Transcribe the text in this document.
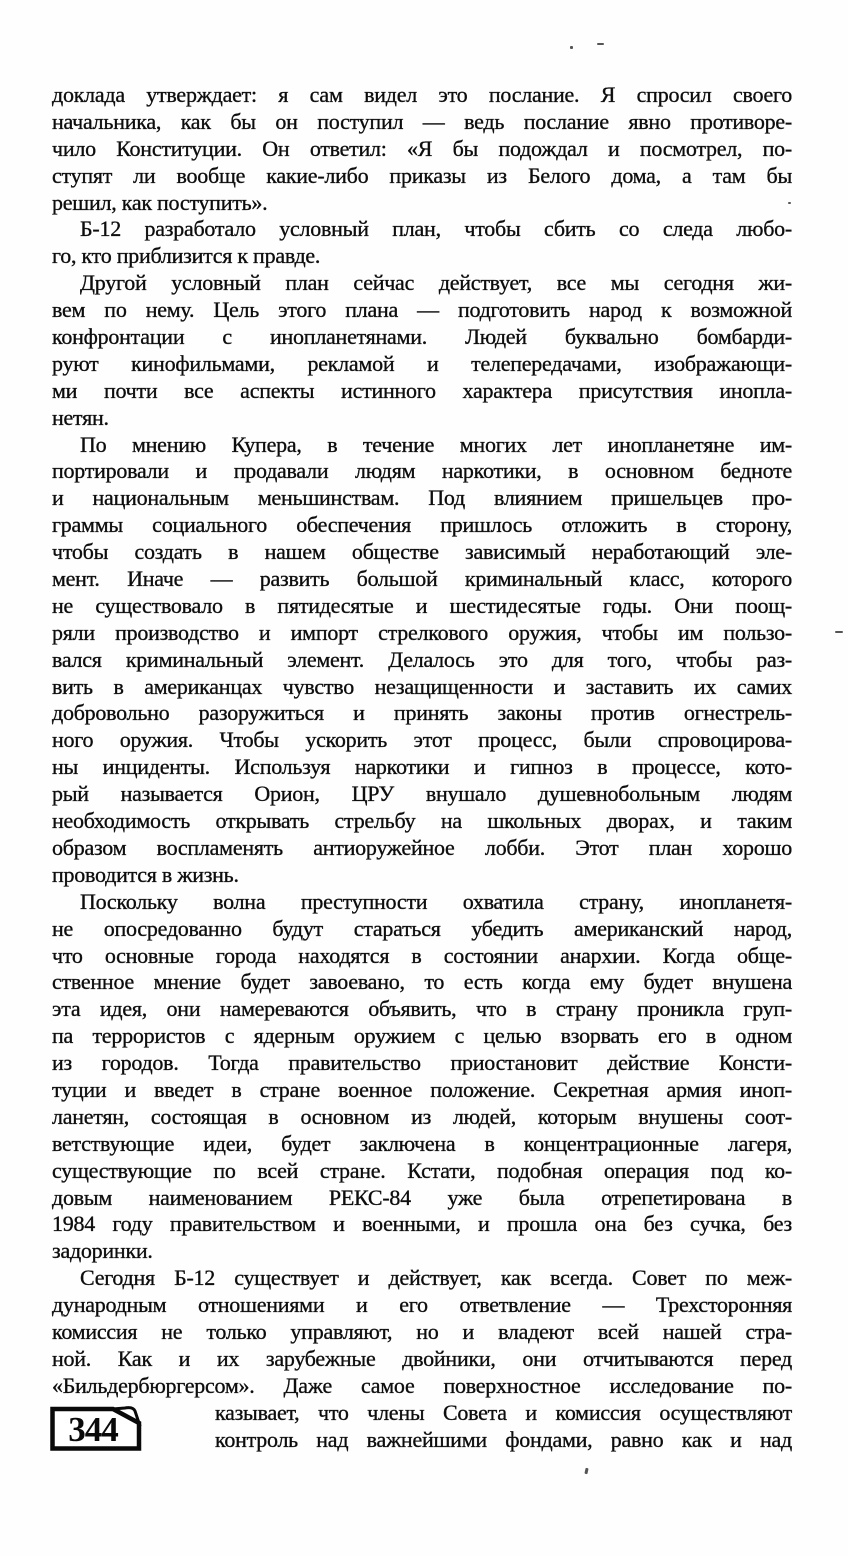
доклада утверждает: я сам видел это послание. Я спросил своего
начальника, как бы он поступил — ведь послание явно противоре-
чило Конституции. Он ответил: «Я бы подождал и посмотрел, по-
ступят ли вообще какие-либо приказы из Белого дома, а там бы
решил, как поступить».
Б-12 разработало условный план, чтобы сбить со следа любо-
го, кто приблизится к правде.
Другой условный план сейчас действует, все мы сегодня жи-
вем по нему. Цель этого плана — подготовить народ к возможной
конфронтации с инопланетянами. Людей буквально бомбарди-
руют кинофильмами, рекламой и телепередачами, изображающи-
ми почти все аспекты истинного характера присутствия инопла-
нетян.
По мнению Купера, в течение многих лет инопланетяне им-
портировали и продавали людям наркотики, в основном бедноте
и национальным меньшинствам. Под влиянием пришельцев про-
граммы социального обеспечения пришлось отложить в сторону,
чтобы создать в нашем обществе зависимый неработающий эле-
мент. Иначе — развить большой криминальный класс, которого
не существовало в пятидесятые и шестидесятые годы. Они поощ-
ряли производство и импорт стрелкового оружия, чтобы им пользо-
вался криминальный элемент. Делалось это для того, чтобы раз-
вить в американцах чувство незащищенности и заставить их самих
добровольно разоружиться и принять законы против огнестрель-
ного оружия. Чтобы ускорить этот процесс, были спровоцирова-
ны инциденты. Используя наркотики и гипноз в процессе, кото-
рый называется Орион, ЦРУ внушало душевнобольным людям
необходимость открывать стрельбу на школьных дворах, и таким
образом воспламенять антиоружейное лобби. Этот план хорошо
проводится в жизнь.
Поскольку волна преступности охватила страну, инопланетя-
не опосредованно будут стараться убедить американский народ,
что основные города находятся в состоянии анархии. Когда обще-
ственное мнение будет завоевано, то есть когда ему будет внушена
эта идея, они намереваются объявить, что в страну проникла груп-
па террористов с ядерным оружием с целью взорвать его в одном
из городов. Тогда правительство приостановит действие Консти-
туции и введет в стране военное положение. Секретная армия иноп-
ланетян, состоящая в основном из людей, которым внушены соот-
ветствующие идеи, будет заключена в концентрационные лагеря,
существующие по всей стране. Кстати, подобная операция под ко-
довым наименованием РЕКС-84 уже была отрепетирована в
1984 году правительством и военными, и прошла она без сучка, без
задоринки.
Сегодня Б-12 существует и действует, как всегда. Совет по меж-
дународным отношениями и его ответвление — Трехсторонняя
комиссия не только управляют, но и владеют всей нашей стра-
ной. Как и их зарубежные двойники, они отчитываются перед
«Бильдербюргерсом». Даже самое поверхностное исследование по-
казывает, что члены Совета и комиссия осуществляют
контроль над важнейшими фондами, равно как и над
344
